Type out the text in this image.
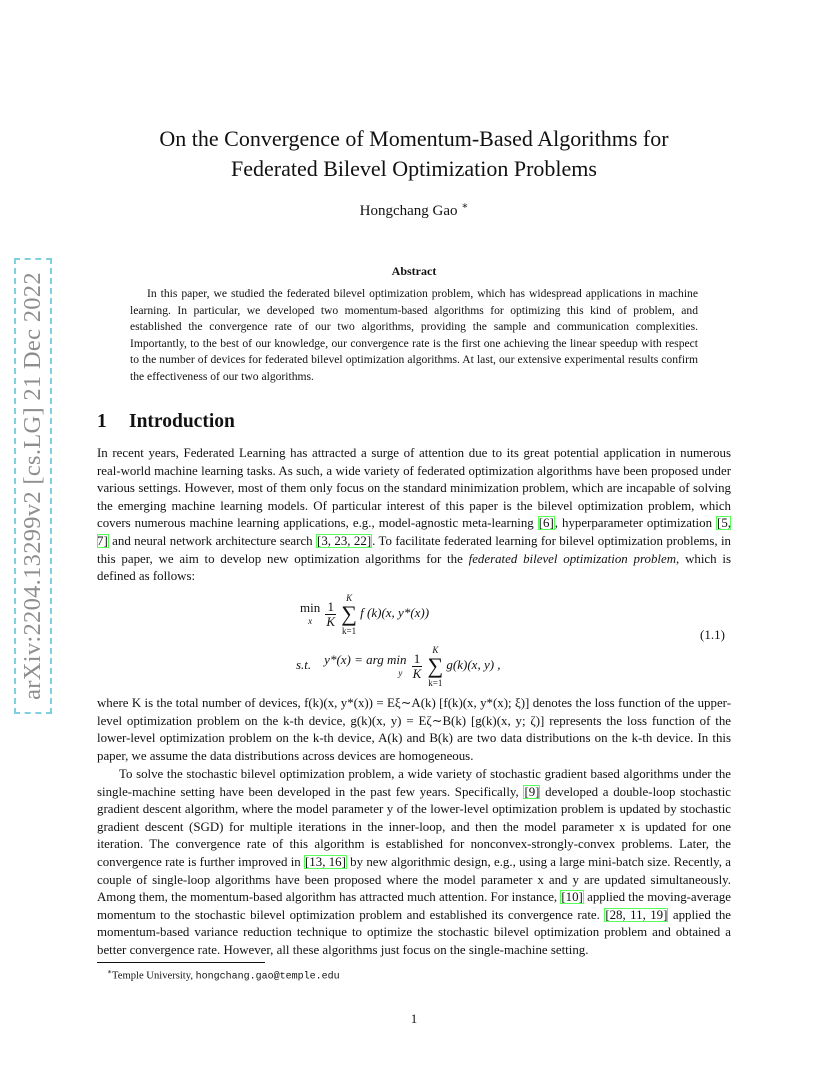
arXiv:2204.13299v2 [cs.LG] 21 Dec 2022
On the Convergence of Momentum-Based Algorithms for
Federated Bilevel Optimization Problems
Hongchang Gao ∗
Abstract
In this paper, we studied the federated bilevel optimization problem, which has widespread applications in machine learning. In particular, we developed two momentum-based algorithms for optimizing this kind of problem, and established the convergence rate of our two algorithms, providing the sample and communication complexities. Importantly, to the best of our knowledge, our convergence rate is the first one achieving the linear speedup with respect to the number of devices for federated bilevel optimization algorithms. At last, our extensive experimental results confirm the effectiveness of our two algorithms.
1 Introduction
In recent years, Federated Learning has attracted a surge of attention due to its great potential application in numerous real-world machine learning tasks. As such, a wide variety of federated optimization algorithms have been proposed under various settings. However, most of them only focus on the standard minimization problem, which are incapable of solving the emerging machine learning models. Of particular interest of this paper is the bilevel optimization problem, which covers numerous machine learning applications, e.g., model-agnostic meta-learning [6], hyperparameter optimization [5, 7] and neural network architecture search [3, 23, 22]. To facilitate federated learning for bilevel optimization problems, in this paper, we aim to develop new optimization algorithms for the federated bilevel optimization problem, which is defined as follows:
min
x $\frac{1}{K}$
K
∑
k=1 f (k)(x, y*(x))
s.t. y*(x) = arg min
y $\frac{1}{K}$
K
∑
k=1 g(k)(x, y) ,
(1.1)
where K is the total number of devices, f(k)(x, y*(x)) = Eξ∼A(k) [f(k)(x, y*(x); ξ)] denotes the loss function of the upper-level optimization problem on the k-th device, g(k)(x, y) = Eζ∼B(k) [g(k)(x, y; ζ)] represents the loss function of the lower-level optimization problem on the k-th device, A(k) and B(k) are two data distributions on the k-th device. In this paper, we assume the data distributions across devices are homogeneous.
To solve the stochastic bilevel optimization problem, a wide variety of stochastic gradient based algorithms under the single-machine setting have been developed in the past few years. Specifically, [9] developed a double-loop stochastic gradient descent algorithm, where the model parameter y of the lower-level optimization problem is updated by stochastic gradient descent (SGD) for multiple iterations in the inner-loop, and then the model parameter x is updated for one iteration. The convergence rate of this algorithm is established for nonconvex-strongly-convex problems. Later, the convergence rate is further improved in [13, 16] by new algorithmic design, e.g., using a large mini-batch size. Recently, a couple of single-loop algorithms have been proposed where the model parameter x and y are updated simultaneously. Among them, the momentum-based algorithm has attracted much attention. For instance, [10] applied the moving-average momentum to the stochastic bilevel optimization problem and established its convergence rate. [28, 11, 19] applied the momentum-based variance reduction technique to optimize the stochastic bilevel optimization problem and obtained a better convergence rate. However, all these algorithms just focus on the single-machine setting.
∗Temple University, hongchang.gao@temple.edu
1
